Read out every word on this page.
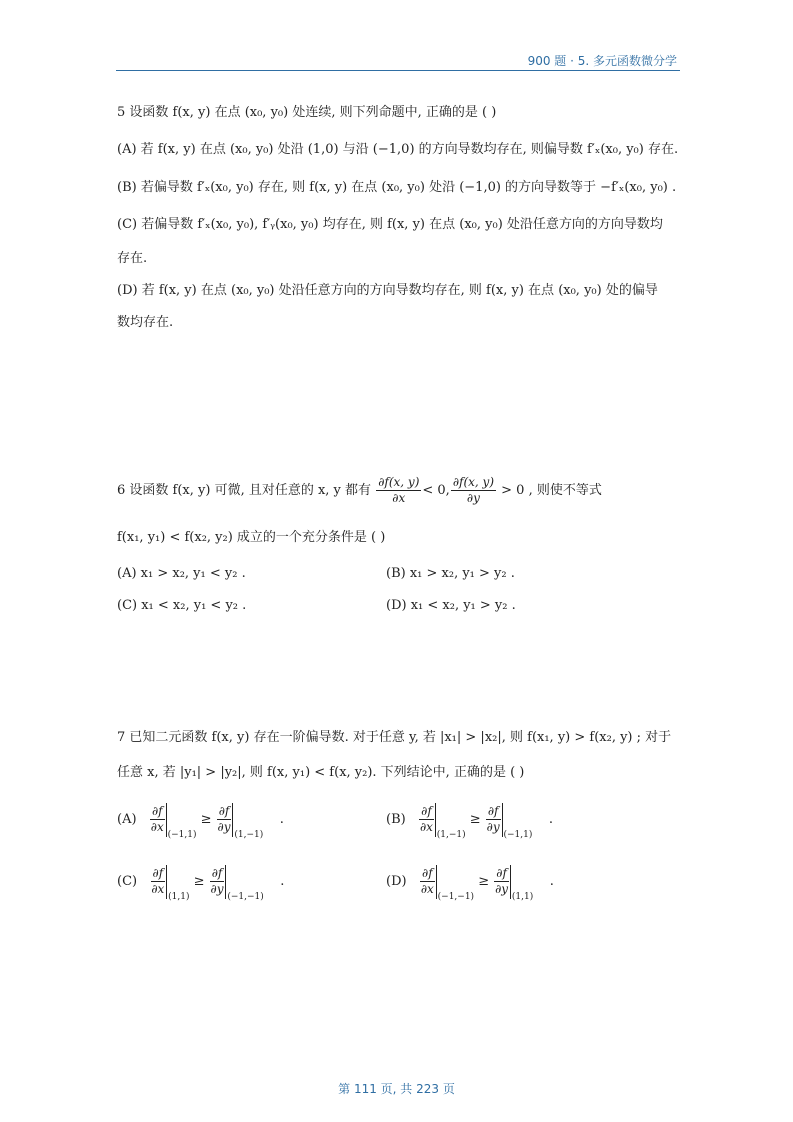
900 题 · 5. 多元函数微分学
5 设函数 f(x, y) 在点 (x₀, y₀) 处连续, 则下列命题中, 正确的是 ( )
(A) 若 f(x, y) 在点 (x₀, y₀) 处沿 (1,0) 与沿 (−1,0) 的方向导数均存在, 则偏导数 f′ₓ(x₀, y₀) 存在.
(B) 若偏导数 f′ₓ(x₀, y₀) 存在, 则 f(x, y) 在点 (x₀, y₀) 处沿 (−1,0) 的方向导数等于 −f′ₓ(x₀, y₀) .
(C) 若偏导数 f′ₓ(x₀, y₀), f′ᵧ(x₀, y₀) 均存在, 则 f(x, y) 在点 (x₀, y₀) 处沿任意方向的方向导数均
存在.
(D) 若 f(x, y) 在点 (x₀, y₀) 处沿任意方向的方向导数均存在, 则 f(x, y) 在点 (x₀, y₀) 处的偏导
数均存在.
6 设函数 f(x, y) 可微, 且对任意的 x, y 都有 $\frac{\partial f(x, y)}{\partial x} < 0$, $\frac{\partial f(x, y)}{\partial y} > 0$ , 则使不等式
f(x₁, y₁) < f(x₂, y₂) 成立的一个充分条件是 ( )
(A) x₁ > x₂, y₁ < y₂ .	(B) x₁ > x₂, y₁ > y₂ .
(C) x₁ < x₂, y₁ < y₂ .	(D) x₁ < x₂, y₁ > y₂ .
7 已知二元函数 f(x, y) 存在一阶偏导数. 对于任意 y, 若 |x₁| > |x₂|, 则 f(x₁, y) > f(x₂, y) ; 对于
任意 x, 若 |y₁| > |y₂|, 则 f(x, y₁) < f(x, y₂). 下列结论中, 正确的是 ( )
$(A) \frac{\partial f}{\partial x} _{(-1,1)} \ge \frac{\partial f}{\partial y} _{(1,-1)}$    .	$(B) \frac{\partial f}{\partial x} _{(1,-1)} \ge \frac{\partial f}{\partial y} _{(-1,1)}$    .
$(C) \frac{\partial f}{\partial x} _{(1,1)} \ge \frac{\partial f}{\partial y} _{(-1,-1)}$    .	$(D) \frac{\partial f}{\partial x} _{(-1,-1)} \ge \frac{\partial f}{\partial y} _{(1,1)}$    .
第 111 页, 共 223 页
